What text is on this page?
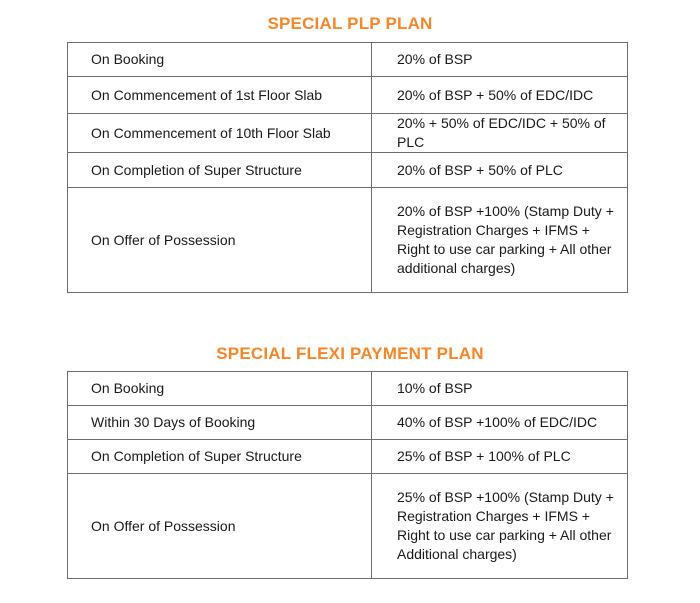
SPECIAL PLP PLAN
On Booking	20% of BSP
On Commencement of 1st Floor Slab	20% of BSP + 50% of EDC/IDC
On Commencement of 10th Floor Slab	20% + 50% of EDC/IDC + 50% of PLC
On Completion of Super Structure	20% of BSP + 50% of PLC
On Offer of Possession	20% of BSP +100% (Stamp Duty + Registration Charges + IFMS + Right to use car parking + All other additional charges)
SPECIAL FLEXI PAYMENT PLAN
On Booking	10% of BSP
Within 30 Days of Booking	40% of BSP +100% of EDC/IDC
On Completion of Super Structure	25% of BSP + 100% of PLC
On Offer of Possession	25% of BSP +100% (Stamp Duty + Registration Charges + IFMS + Right to use car parking + All other Additional charges)
